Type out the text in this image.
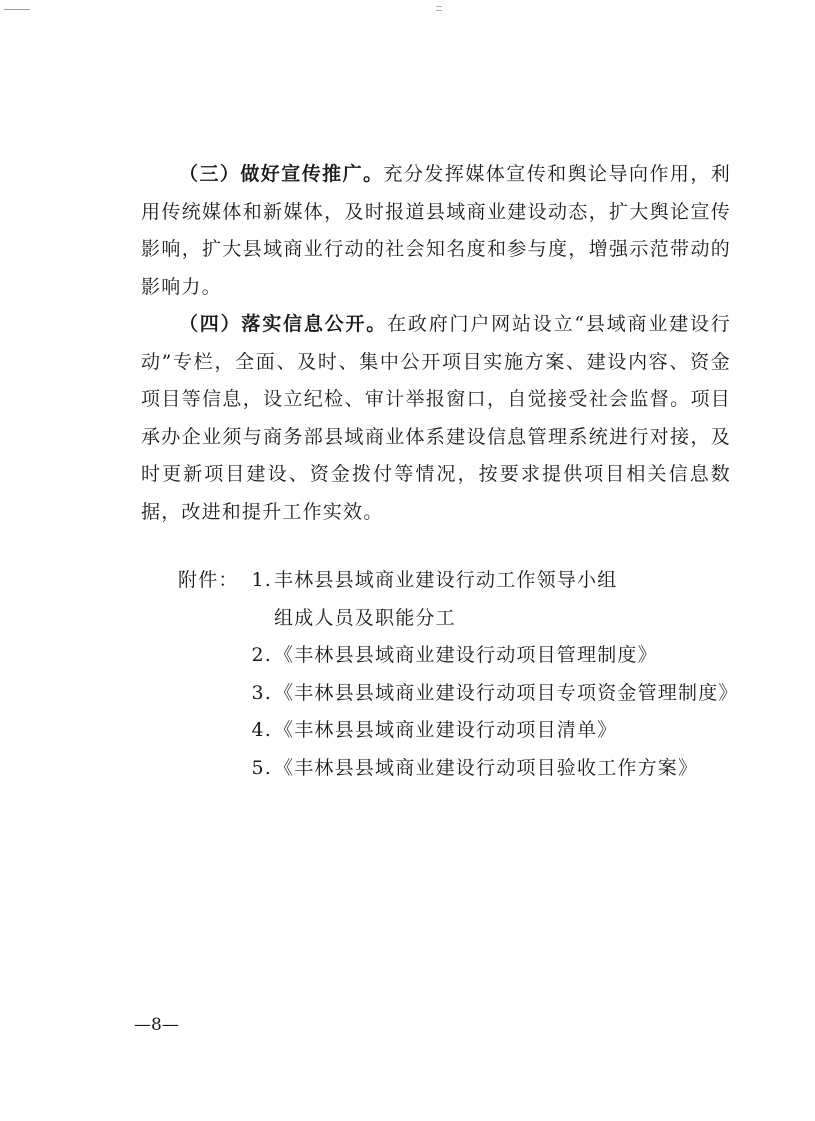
（三）做好宣传推广。充分发挥媒体宣传和舆论导向作用，利用传统媒体和新媒体，及时报道县域商业建设动态，扩大舆论宣传影响，扩大县域商业行动的社会知名度和参与度，增强示范带动的影响力。

（四）落实信息公开。在政府门户网站设立“县域商业建设行　动”专栏，全面、及时、集中公开项目实施方案、建设内容、资金项目等信息，设立纪检、审计举报窗口，自觉接受社会监督。项目承办企业须与商务部县域商业体系建设信息管理系统进行对接，及时更新项目建设、资金拨付等情况，按要求提供项目相关信息数据，改进和提升工作实效。

附件： 1. 丰林县县域商业建设行动工作领导小组
组成人员及职能分工
2. 《丰林县县域商业建设行动项目管理制度》
3. 《丰林县县域商业建设行动项目专项资金管理制度》
4. 《丰林县县域商业建设行动项目清单》
5. 《丰林县县域商业建设行动项目验收工作方案》
—8—
